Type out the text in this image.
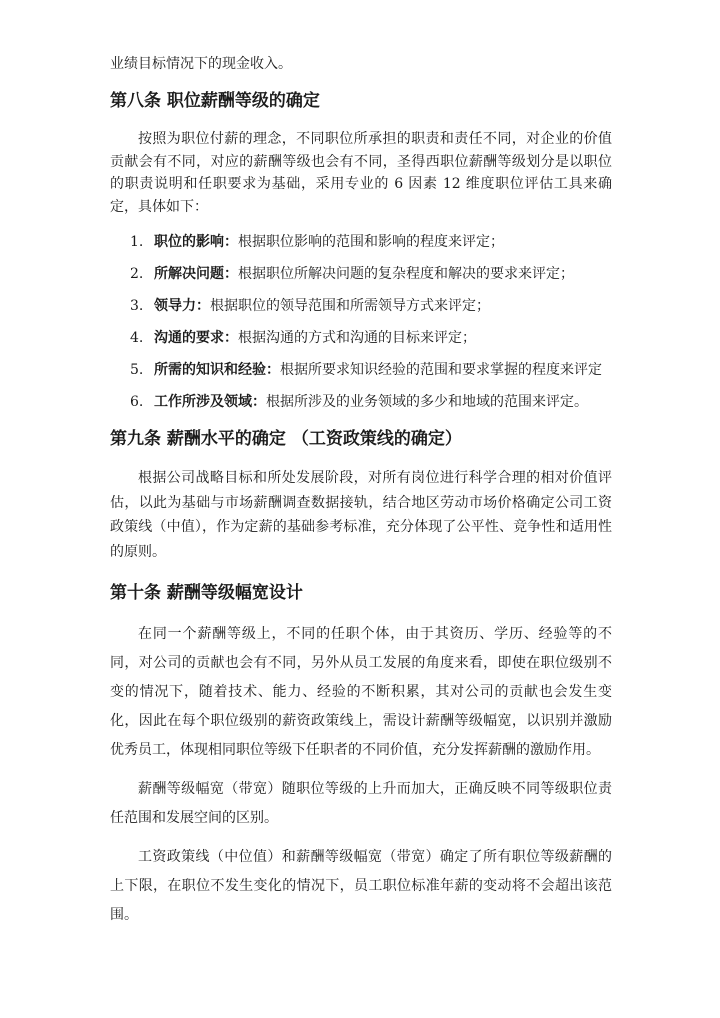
业绩目标情况下的现金收入。

第八条 职位薪酬等级的确定

按照为职位付薪的理念，不同职位所承担的职责和责任不同，对企业的价值贡献会有不同，对应的薪酬等级也会有不同，圣得西职位薪酬等级划分是以职位的职责说明和任职要求为基础，采用专业的 6 因素 12 维度职位评估工具来确定，具体如下：

1. 职位的影响：根据职位影响的范围和影响的程度来评定；
2. 所解决问题：根据职位所解决问题的复杂程度和解决的要求来评定；
3. 领导力：根据职位的领导范围和所需领导方式来评定；
4. 沟通的要求：根据沟通的方式和沟通的目标来评定；
5. 所需的知识和经验：根据所要求知识经验的范围和要求掌握的程度来评定
6. 工作所涉及领域：根据所涉及的业务领域的多少和地域的范围来评定。
第九条 薪酬水平的确定 （工资政策线的确定）

根据公司战略目标和所处发展阶段，对所有岗位进行科学合理的相对价值评估，以此为基础与市场薪酬调查数据接轨，结合地区劳动市场价格确定公司工资政策线（中值），作为定薪的基础参考标准，充分体现了公平性、竞争性和适用性的原则。

第十条 薪酬等级幅宽设计

在同一个薪酬等级上，不同的任职个体，由于其资历、学历、经验等的不同，对公司的贡献也会有不同，另外从员工发展的角度来看，即使在职位级别不变的情况下，随着技术、能力、经验的不断积累，其对公司的贡献也会发生变化，因此在每个职位级别的薪资政策线上，需设计薪酬等级幅宽，以识别并激励优秀员工，体现相同职位等级下任职者的不同价值，充分发挥薪酬的激励作用。

薪酬等级幅宽（带宽）随职位等级的上升而加大，正确反映不同等级职位责任范围和发展空间的区别。

工资政策线（中位值）和薪酬等级幅宽（带宽）确定了所有职位等级薪酬的上下限，在职位不发生变化的情况下，员工职位标准年薪的变动将不会超出该范围。
